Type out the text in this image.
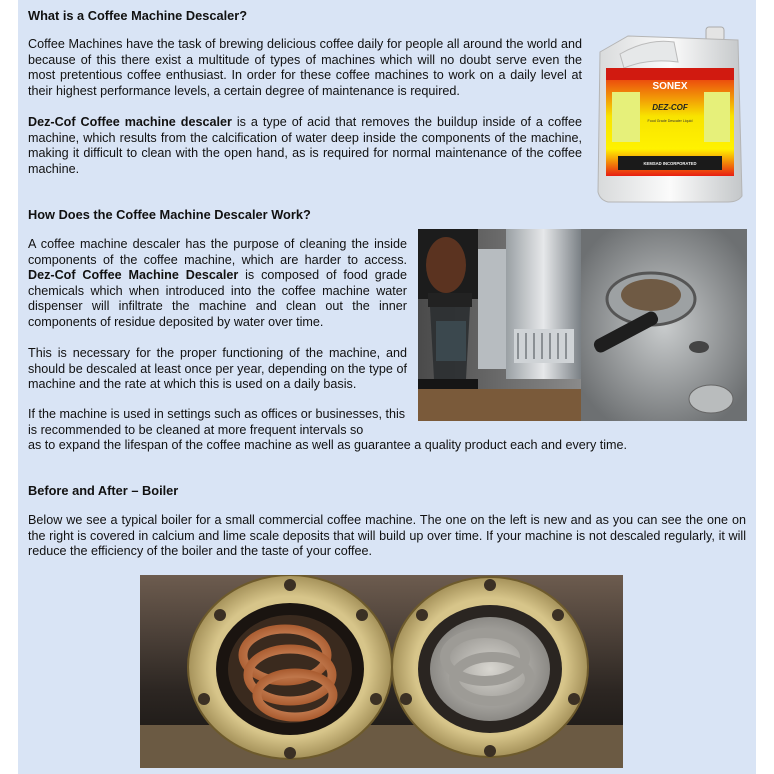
What is a Coffee Machine Descaler?

Coffee Machines have the task of brewing delicious coffee daily for people all around the world and because of this there exist a multitude of types of machines which will no doubt serve even the most pretentious coffee enthusiast. In order for these coffee machines to work on a daily level at their highest performance levels, a certain degree of maintenance is required.

Dez-Cof Coffee machine descaler is a type of acid that removes the buildup inside of a coffee machine, which results from the calcification of water deep inside the components of the machine, making it difficult to clean with the open hand, as is required for normal maintenance of the coffee machine.

SONEX
DEZ-COF
Food Grade Descaler Liquid
KEMSAD INCORPORATED
How Does the Coffee Machine Descaler Work?

A coffee machine descaler has the purpose of cleaning the inside components of the coffee machine, which are harder to access. Dez-Cof Coffee Machine Descaler is composed of food grade chemicals which when introduced into the coffee machine water dispenser will infiltrate the machine and clean out the inner components of residue deposited by water over time.

This is necessary for the proper functioning of the machine, and should be descaled at least once per year, depending on the type of machine and the rate at which this is used on a daily basis.

If the machine is used in settings such as offices or businesses, this is recommended to be cleaned at more frequent intervals so

as to expand the lifespan of the coffee machine as well as guarantee a quality product each and every time.

Before and After – Boiler

Below we see a typical boiler for a small commercial coffee machine. The one on the left is new and as you can see the one on the right is covered in calcium and lime scale deposits that will build up over time. If your machine is not descaled regularly, it will reduce the efficiency of the boiler and the taste of your coffee.
